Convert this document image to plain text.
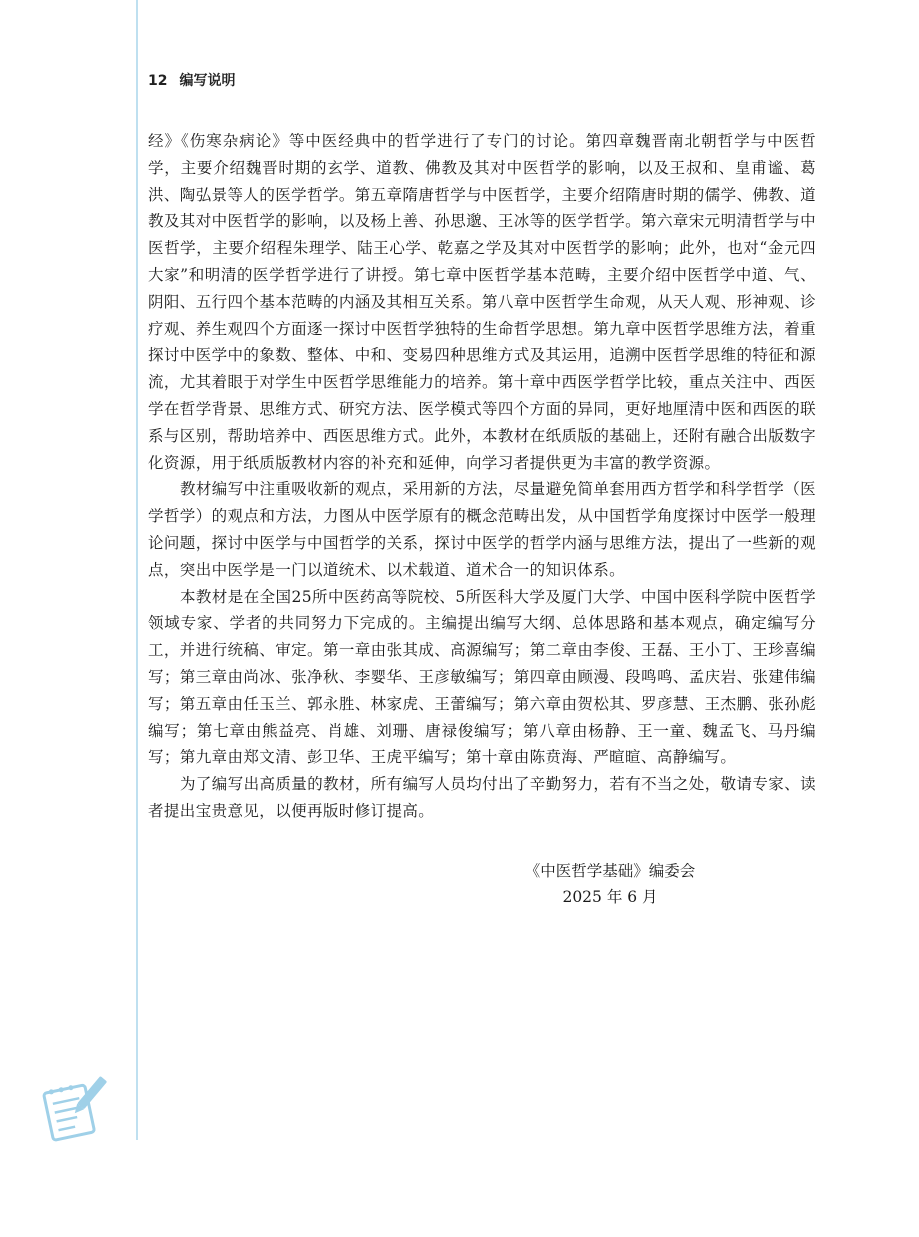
12 编写说明

经》《伤寒杂病论》等中医经典中的哲学进行了专门的讨论。第四章魏晋南北朝哲学与中医哲学，主要介绍魏晋时期的玄学、道教、佛教及其对中医哲学的影响，以及王叔和、皇甫谧、葛洪、陶弘景等人的医学哲学。第五章隋唐哲学与中医哲学，主要介绍隋唐时期的儒学、佛教、道教及其对中医哲学的影响，以及杨上善、孙思邈、王冰等的医学哲学。第六章宋元明清哲学与中医哲学，主要介绍程朱理学、陆王心学、乾嘉之学及其对中医哲学的影响；此外，也对“金元四大家”和明清的医学哲学进行了讲授。第七章中医哲学基本范畴，主要介绍中医哲学中道、气、阴阳、五行四个基本范畴的内涵及其相互关系。第八章中医哲学生命观，从天人观、形神观、诊疗观、养生观四个方面逐一探讨中医哲学独特的生命哲学思想。第九章中医哲学思维方法，着重探讨中医学中的象数、整体、中和、变易四种思维方式及其运用，追溯中医哲学思维的特征和源流，尤其着眼于对学生中医哲学思维能力的培养。第十章中西医学哲学比较，重点关注中、西医学在哲学背景、思维方式、研究方法、医学模式等四个方面的异同，更好地厘清中医和西医的联系与区别，帮助培养中、西医思维方式。此外，本教材在纸质版的基础上，还附有融合出版数字化资源，用于纸质版教材内容的补充和延伸，向学习者提供更为丰富的教学资源。

教材编写中注重吸收新的观点，采用新的方法，尽量避免简单套用西方哲学和科学哲学（医学哲学）的观点和方法，力图从中医学原有的概念范畴出发，从中国哲学角度探讨中医学一般理论问题，探讨中医学与中国哲学的关系，探讨中医学的哲学内涵与思维方法，提出了一些新的观点，突出中医学是一门以道统术、以术载道、道术合一的知识体系。

本教材是在全国25所中医药高等院校、5所医科大学及厦门大学、中国中医科学院中医哲学领域专家、学者的共同努力下完成的。主编提出编写大纲、总体思路和基本观点，确定编写分工，并进行统稿、审定。第一章由张其成、高源编写；第二章由李俊、王磊、王小丁、王珍喜编写；第三章由尚冰、张净秋、李婴华、王彦敏编写；第四章由顾漫、段鸣鸣、孟庆岩、张建伟编写；第五章由任玉兰、郭永胜、林家虎、王蕾编写；第六章由贺松其、罗彦慧、王杰鹏、张孙彪编写；第七章由熊益亮、肖雄、刘珊、唐禄俊编写；第八章由杨静、王一童、魏孟飞、马丹编写；第九章由郑文清、彭卫华、王虎平编写；第十章由陈贲海、严暄暄、高静编写。

为了编写出高质量的教材，所有编写人员均付出了辛勤努力，若有不当之处，敬请专家、读者提出宝贵意见，以便再版时修订提高。

《中医哲学基础》编委会
2025 年 6 月
